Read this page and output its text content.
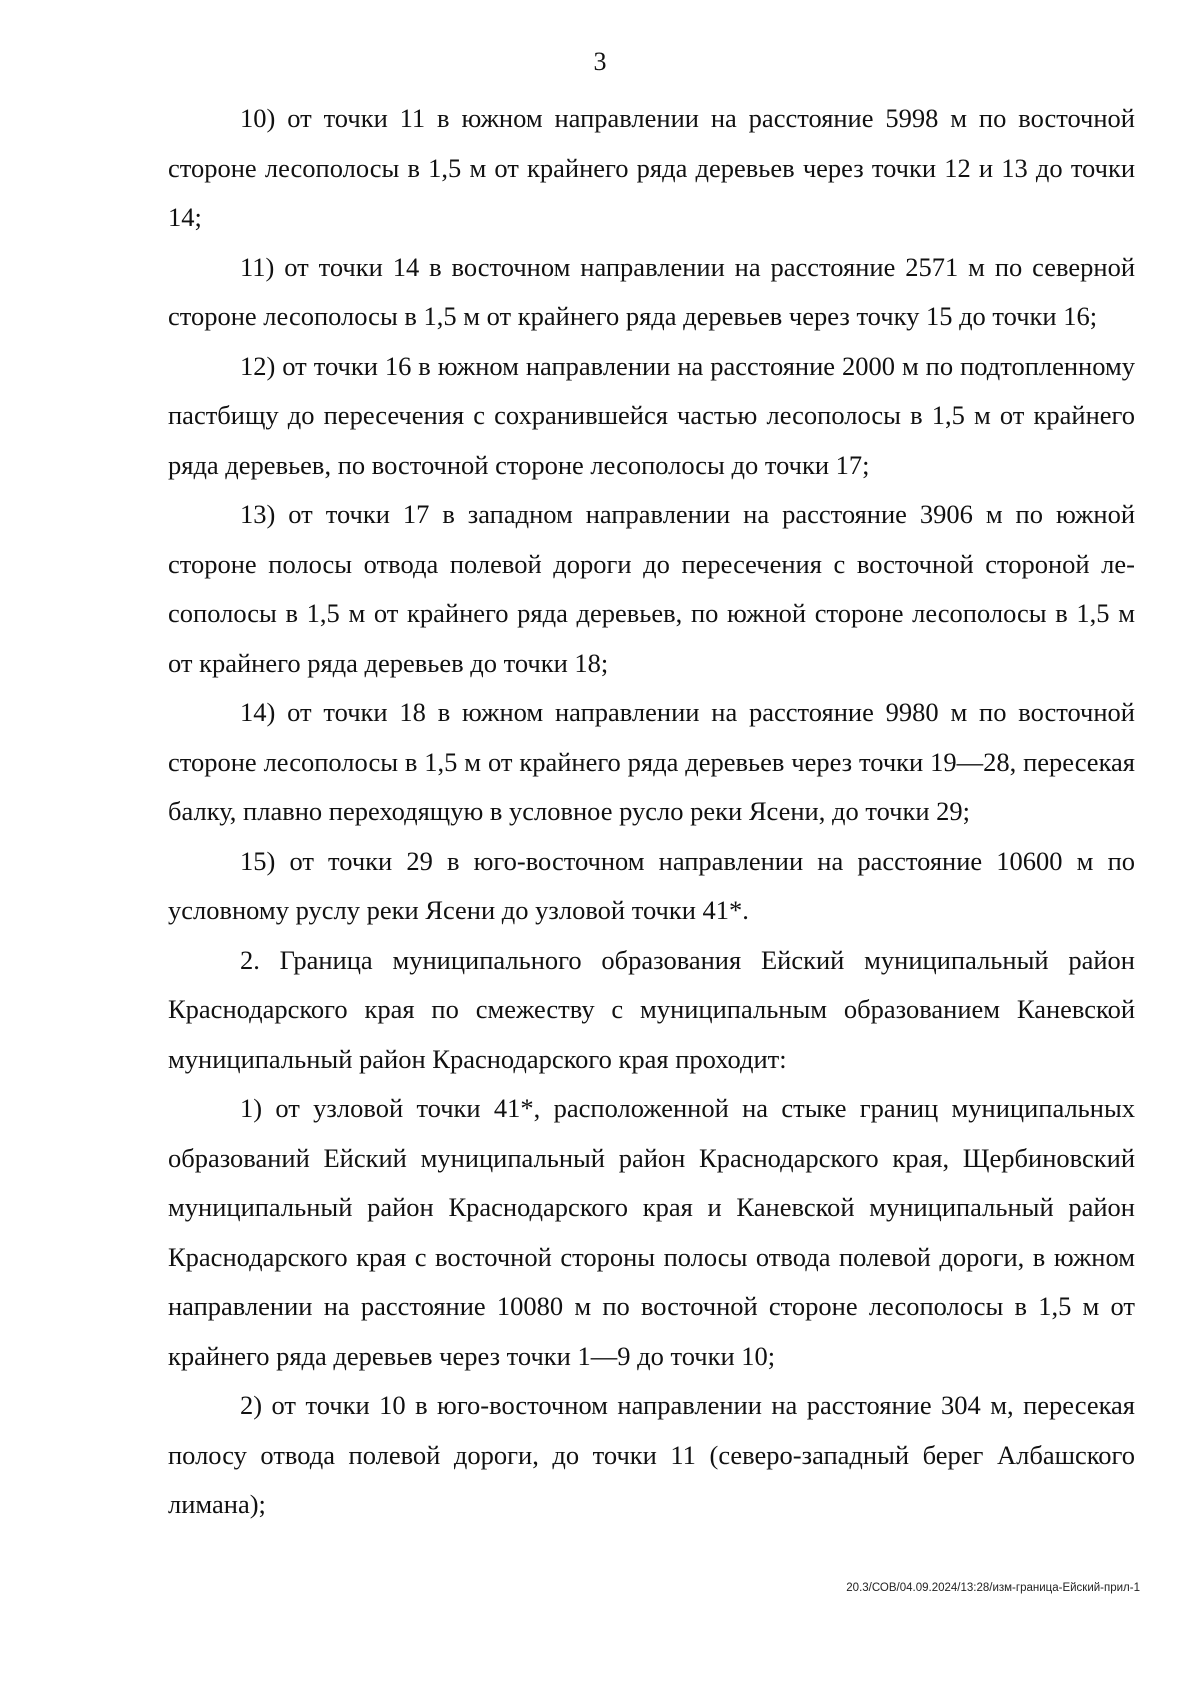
3

10) от точки 11 в южном направлении на расстояние 5998 м по восточной стороне лесополосы в 1,5 м от крайнего ряда деревьев через точки 12 и 13 до точки 14;

11) от точки 14 в восточном направлении на расстояние 2571 м по северной стороне лесополосы в 1,5 м от крайнего ряда деревьев через точку 15 до точки 16;

12) от точки 16 в южном направлении на расстояние 2000 м по подтопленному пастбищу до пересечения с сохранившейся частью лесополосы в 1,5 м от крайнего ряда деревьев, по восточной стороне лесополосы до точки 17;

13) от точки 17 в западном направлении на расстояние 3906 м по южной стороне полосы отвода полевой дороги до пересечения с восточной стороной лесополосы в 1,5 м от крайнего ряда деревьев, по южной стороне лесополосы в 1,5 м от крайнего ряда деревьев до точки 18;

14) от точки 18 в южном направлении на расстояние 9980 м по восточной стороне лесополосы в 1,5 м от крайнего ряда деревьев через точки 19—28, пересекая балку, плавно переходящую в условное русло реки Ясени, до точки 29;

15) от точки 29 в юго-восточном направлении на расстояние 10600 м по условному руслу реки Ясени до узловой точки 41*.

2. Граница муниципального образования Ейский муниципальный район Краснодарского края по смежеству с муниципальным образованием Каневской муниципальный район Краснодарского края проходит:

1) от узловой точки 41*, расположенной на стыке границ муниципальных образований Ейский муниципальный район Краснодарского края, Щербиновский муниципальный район Краснодарского края и Каневской муниципальный район Краснодарского края с восточной стороны полосы отвода полевой дороги, в южном направлении на расстояние 10080 м по восточной стороне лесополосы в 1,5 м от крайнего ряда деревьев через точки 1—9 до точки 10;

2) от точки 10 в юго-восточном направлении на расстояние 304 м, пересекая полосу отвода полевой дороги, до точки 11 (северо-западный берег Албашского лимана);

20.3/СОВ/04.09.2024/13:28/изм-граница-Ейский-прил-1
